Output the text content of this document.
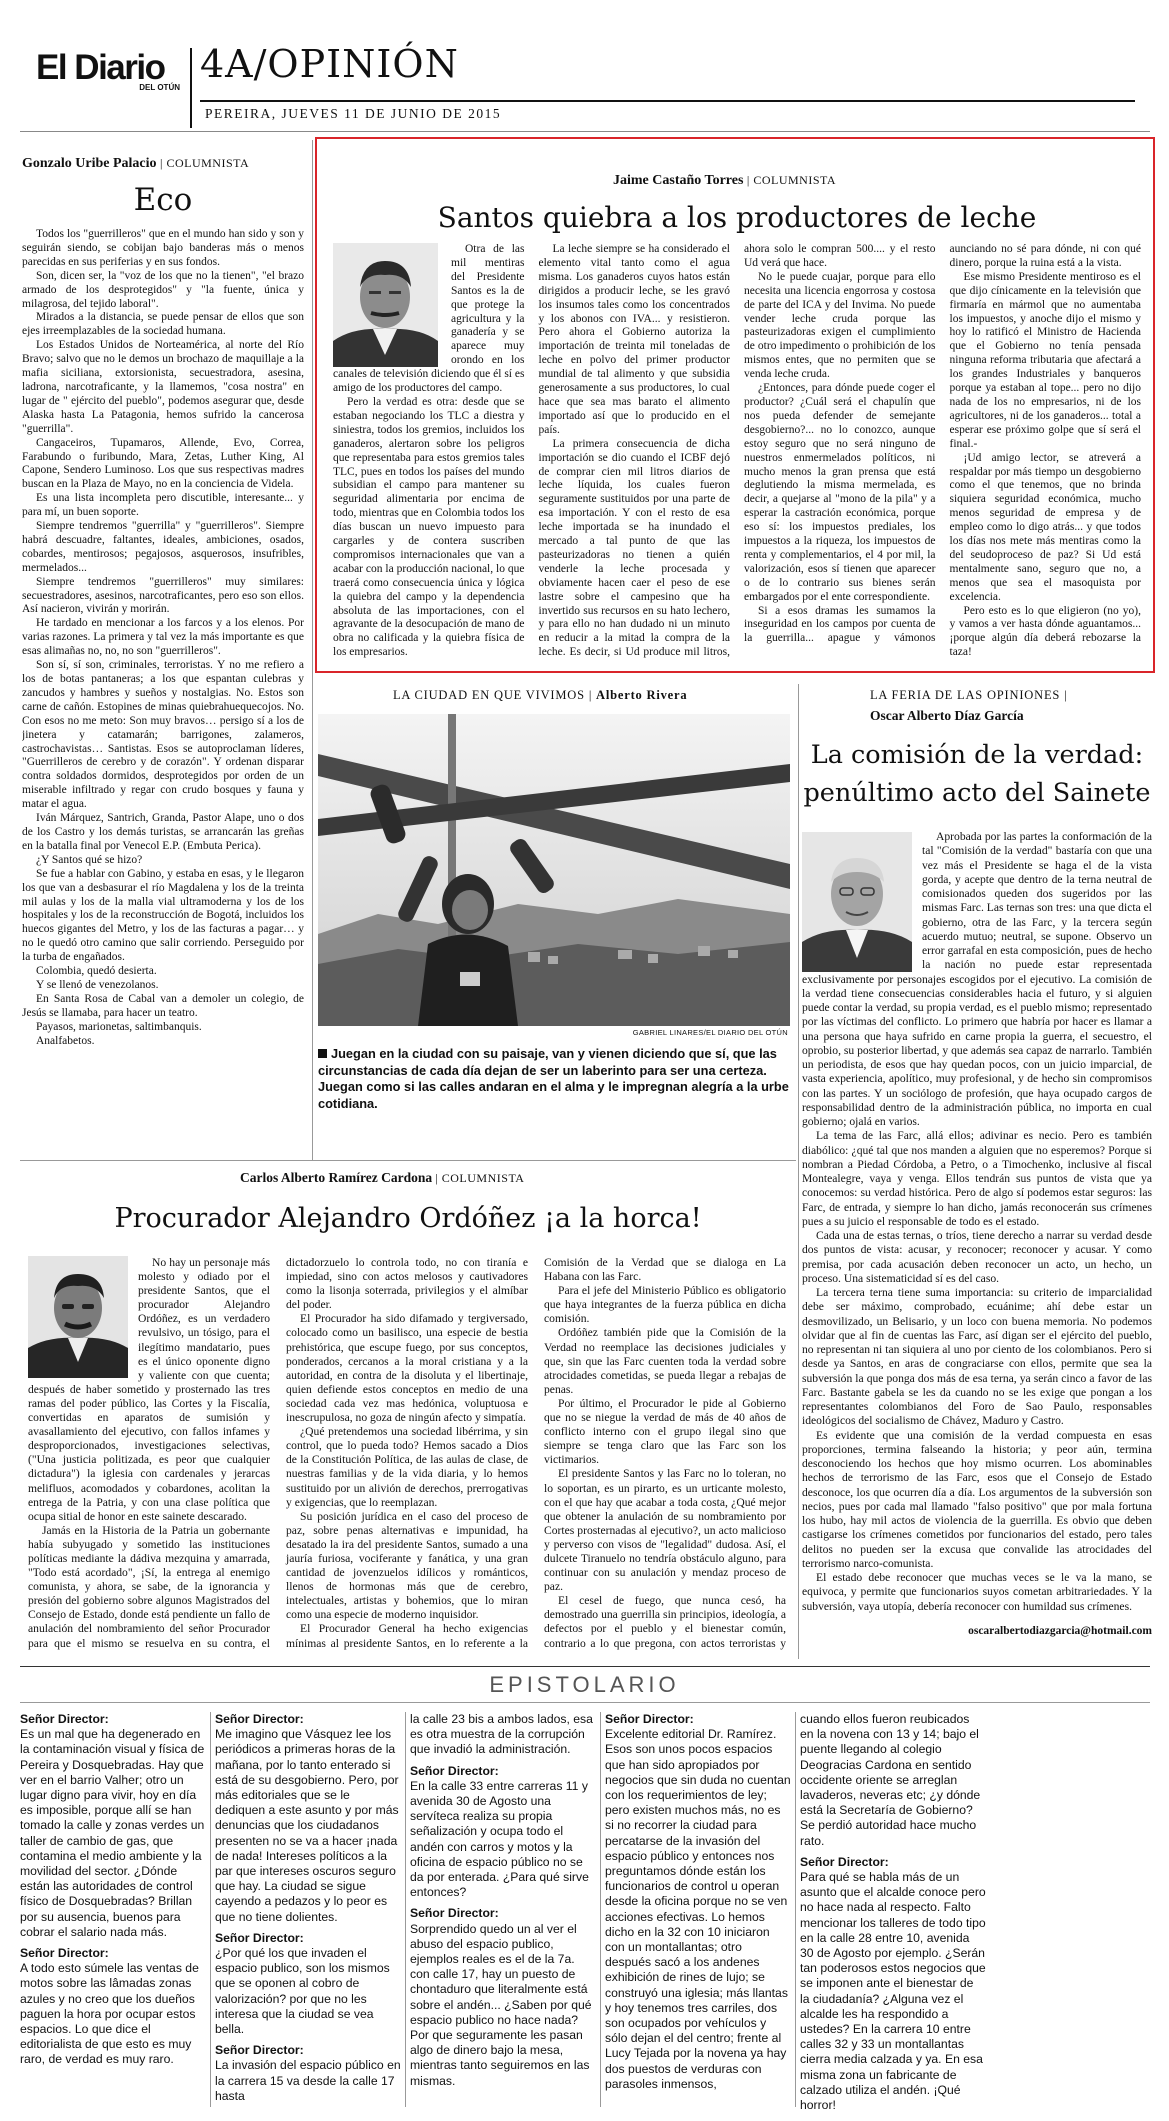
El Diario
DEL OTÚN
4A/OPINIÓN
PEREIRA, JUEVES 11 DE JUNIO DE 2015
Gonzalo Uribe Palacio | COLUMNISTA
Eco

Todos los "guerrilleros" que en el mundo han sido y son y seguirán siendo, se cobijan bajo banderas más o menos parecidas en sus periferias y en sus fondos.

Son, dicen ser, la "voz de los que no la tienen", "el brazo armado de los desprotegidos" y "la fuente, única y milagrosa, del tejido laboral".

Mirados a la distancia, se puede pensar de ellos que son ejes irreemplazables de la sociedad humana.

Los Estados Unidos de Norteamérica, al norte del Río Bravo; salvo que no le demos un brochazo de maquillaje a la mafia siciliana, extorsionista, secuestradora, asesina, ladrona, narcotraficante, y la llamemos, "cosa nostra" en lugar de " ejército del pueblo", podemos asegurar que, desde Alaska hasta La Patagonia, hemos sufrido la cancerosa "guerrilla".

Cangaceiros, Tupamaros, Allende, Evo, Correa, Farabundo o furibundo, Mara, Zetas, Luther King, Al Capone, Sendero Luminoso. Los que sus respectivas madres buscan en la Plaza de Mayo, no en la conciencia de Videla.

Es una lista incompleta pero discutible, interesante... y para mí, un buen soporte.

Siempre tendremos "guerrilla" y "guerrilleros". Siempre habrá descuadre, faltantes, ideales, ambiciones, osados, cobardes, mentirosos; pegajosos, asquerosos, insufribles, mermelados...

Siempre tendremos "guerrilleros" muy similares: secuestradores, asesinos, narcotraficantes, pero eso son ellos. Así nacieron, vivirán y morirán.

He tardado en mencionar a los farcos y a los elenos. Por varias razones. La primera y tal vez la más importante es que esas alimañas no, no, no son "guerrilleros".

Son sí, sí son, criminales, terroristas. Y no me refiero a los de botas pantaneras; a los que espantan culebras y zancudos y hambres y sueños y nostalgias. No. Estos son carne de cañón. Estopines de minas quiebrahuequecojos. No. Con esos no me meto: Son muy bravos… persigo sí a los de jinetera y catamarán; barrigones, zalameros, castrochavistas… Santistas. Esos se autoproclaman líderes, "Guerrilleros de cerebro y de corazón". Y ordenan disparar contra soldados dormidos, desprotegidos por orden de un miserable infiltrado y regar con crudo bosques y fauna y matar el agua.

Iván Márquez, Santrich, Granda, Pastor Alape, uno o dos de los Castro y los demás turistas, se arrancarán las greñas en la batalla final por Venecol E.P. (Embuta Perica).

¿Y Santos qué se hizo?

Se fue a hablar con Gabino, y estaba en esas, y le llegaron los que van a desbasurar el río Magdalena y los de la treinta mil aulas y los de la malla vial ultramoderna y los de los hospitales y los de la reconstrucción de Bogotá, incluidos los huecos gigantes del Metro, y los de las facturas a pagar… y no le quedó otro camino que salir corriendo. Perseguido por la turba de engañados.

Colombia, quedó desierta.

Y se llenó de venezolanos.

En Santa Rosa de Cabal van a demoler un colegio, de Jesús se llamaba, para hacer un teatro.

Payasos, marionetas, saltimbanquis.

Analfabetos.

Jaime Castaño Torres | COLUMNISTA
Santos quiebra a los productores de leche

Otra de las mil mentiras del Presidente Santos es la de que protege la agricultura y la ganadería y se aparece muy orondo en los canales de televisión diciendo que él sí es amigo de los productores del campo.

Pero la verdad es otra: desde que se estaban negociando los TLC a diestra y siniestra, todos los gremios, incluidos los ganaderos, alertaron sobre los peligros que representaba para estos gremios tales TLC, pues en todos los países del mundo subsidian el campo para mantener su seguridad alimentaria por encima de todo, mientras que en Colombia todos los días buscan un nuevo impuesto para cargarles y de contera suscriben compromisos internacionales que van a acabar con la producción nacional, lo que traerá como consecuencia única y lógica la quiebra del campo y la dependencia absoluta de las importaciones, con el agravante de la desocupación de mano de obra no calificada y la quiebra física de los empresarios.

La leche siempre se ha considerado el elemento vital tanto como el agua misma. Los ganaderos cuyos hatos están dirigidos a producir leche, se les gravó los insumos tales como los concentrados y los abonos con IVA... y resistieron. Pero ahora el Gobierno autoriza la importación de treinta mil toneladas de leche en polvo del primer productor mundial de tal alimento y que subsidia generosamente a sus productores, lo cual hace que sea mas barato el alimento importado así que lo producido en el país.

La primera consecuencia de dicha importación se dio cuando el ICBF dejó de comprar cien mil litros diarios de leche líquida, los cuales fueron seguramente sustituidos por una parte de esa importación. Y con el resto de esa leche importada se ha inundado el mercado a tal punto de que las pasteurizadoras no tienen a quién venderle la leche procesada y obviamente hacen caer el peso de ese lastre sobre el campesino que ha invertido sus recursos en su hato lechero, y para ello no han dudado ni un minuto en reducir a la mitad la compra de la leche. Es decir, si Ud produce mil litros, ahora solo le compran 500.... y el resto Ud verá que hace.

No le puede cuajar, porque para ello necesita una licencia engorrosa y costosa de parte del ICA y del Invima. No puede vender leche cruda porque las pasteurizadoras exigen el cumplimiento de otro impedimento o prohibición de los mismos entes, que no permiten que se venda leche cruda.

¿Entonces, para dónde puede coger el productor? ¿Cuál será el chapulín que nos pueda defender de semejante desgobierno?... no lo conozco, aunque estoy seguro que no será ninguno de nuestros enmermelados políticos, ni mucho menos la gran prensa que está deglutiendo la misma mermelada, es decir, a quejarse al "mono de la pila" y a esperar la castración económica, porque eso sí: los impuestos prediales, los impuestos a la riqueza, los impuestos de renta y complementarios, el 4 por mil, la valorización, esos sí tienen que aparecer o de lo contrario sus bienes serán embargados por el ente correspondiente.

Si a esos dramas les sumamos la inseguridad en los campos por cuenta de la guerrilla... apague y vámonos aunciando no sé para dónde, ni con qué dinero, porque la ruina está a la vista.

Ese mismo Presidente mentiroso es el que dijo cínicamente en la televisión que firmaría en mármol que no aumentaba los impuestos, y anoche dijo el mismo y hoy lo ratificó el Ministro de Hacienda que el Gobierno no tenía pensada ninguna reforma tributaria que afectará a los grandes Industriales y banqueros porque ya estaban al tope... pero no dijo nada de los no empresarios, ni de los agricultores, ni de los ganaderos... total a esperar ese próximo golpe que sí será el final.-

¡Ud amigo lector, se atreverá a respaldar por más tiempo un desgobierno como el que tenemos, que no brinda siquiera seguridad económica, mucho menos seguridad de empresa y de empleo como lo digo atrás... y que todos los días nos mete más mentiras como la del seudoproceso de paz? Si Ud está mentalmente sano, seguro que no, a menos que sea el masoquista por excelencia.

Pero esto es lo que eligieron (no yo), y vamos a ver hasta dónde aguantamos... ¡porque algún día deberá rebozarse la taza!

LA CIUDAD EN QUE VIVIMOS | Alberto Rivera
GABRIEL LINARES/EL DIARIO DEL OTÚN
Juegan en la ciudad con su paisaje, van y vienen diciendo que sí, que las circunstancias de cada día dejan de ser un laberinto para ser una certeza. Juegan como si las calles andaran en el alma y le impregnan alegría a la urbe cotidiana.
LA FERIA DE LAS OPINIONES |
Oscar Alberto Díaz García
La comisión de la verdad:
penúltimo acto del Sainete

Aprobada por las partes la conformación de la tal "Comisión de la verdad" bastaría con que una vez más el Presidente se haga el de la vista gorda, y acepte que dentro de la terna neutral de comisionados queden dos sugeridos por las mismas Farc. Las ternas son tres: una que dicta el gobierno, otra de las Farc, y la tercera según acuerdo mutuo; neutral, se supone. Observo un error garrafal en esta composición, pues de hecho la nación no puede estar representada exclusivamente por personajes escogidos por el ejecutivo. La comisión de la verdad tiene consecuencias considerables hacia el futuro, y si alguien puede contar la verdad, su propia verdad, es el pueblo mismo; representado por las víctimas del conflicto. Lo primero que habría por hacer es llamar a una persona que haya sufrido en carne propia la guerra, el secuestro, el oprobio, su posterior libertad, y que además sea capaz de narrarlo. También un periodista, de esos que hay quedan pocos, con un juicio imparcial, de vasta experiencia, apolítico, muy profesional, y de hecho sin compromisos con las partes. Y un sociólogo de profesión, que haya ocupado cargos de responsabilidad dentro de la administración pública, no importa en cual gobierno; ojalá en varios.

La tema de las Farc, allá ellos; adivinar es necio. Pero es también diabólico: ¿qué tal que nos manden a alguien que no esperemos? Porque si nombran a Piedad Córdoba, a Petro, o a Timochenko, inclusive al fiscal Montealegre, vaya y venga. Ellos tendrán sus puntos de vista que ya conocemos: su verdad histórica. Pero de algo sí podemos estar seguros: las Farc, de entrada, y siempre lo han dicho, jamás reconocerán sus crímenes pues a su juicio el responsable de todo es el estado.

Cada una de estas ternas, o tríos, tiene derecho a narrar su verdad desde dos puntos de vista: acusar, y reconocer; reconocer y acusar. Y como premisa, por cada acusación deben reconocer un acto, un hecho, un proceso. Una sistematicidad sí es del caso.

La tercera terna tiene suma importancia: su criterio de imparcialidad debe ser máximo, comprobado, ecuánime; ahí debe estar un desmovilizado, un Belisario, y un loco con buena memoria. No podemos olvidar que al fin de cuentas las Farc, así digan ser el ejército del pueblo, no representan ni tan siquiera al uno por ciento de los colombianos. Pero si desde ya Santos, en aras de congraciarse con ellos, permite que sea la subversión la que ponga dos más de esa terna, ya serán cinco a favor de las Farc. Bastante gabela se les da cuando no se les exige que pongan a los representantes colombianos del Foro de Sao Paulo, responsables ideológicos del socialismo de Chávez, Maduro y Castro.

Es evidente que una comisión de la verdad compuesta en esas proporciones, termina falseando la historia; y peor aún, termina desconociendo los hechos que hoy mismo ocurren. Los abominables hechos de terrorismo de las Farc, esos que el Consejo de Estado desconoce, los que ocurren día a día. Los argumentos de la subversión son necios, pues por cada mal llamado "falso positivo" que por mala fortuna los hubo, hay mil actos de violencia de la guerrilla. Es obvio que deben castigarse los crímenes cometidos por funcionarios del estado, pero tales delitos no pueden ser la excusa que convalide las atrocidades del terrorismo narco-comunista.

El estado debe reconocer que muchas veces se le va la mano, se equivoca, y permite que funcionarios suyos cometan arbitrariedades. Y la subversión, vaya utopía, debería reconocer con humildad sus crímenes.

oscaralbertodiazgarcia@hotmail.com
Carlos Alberto Ramírez Cardona | COLUMNISTA
Procurador Alejandro Ordóñez ¡a la horca!

No hay un personaje más molesto y odiado por el presidente Santos, que el procurador Alejandro Ordóñez, es un verdadero revulsivo, un tósigo, para el ilegítimo mandatario, pues es el único oponente digno y valiente con que cuenta; después de haber sometido y prosternado las tres ramas del poder público, las Cortes y la Fiscalía, convertidas en aparatos de sumisión y avasallamiento del ejecutivo, con fallos infames y desproporcionados, investigaciones selectivas, ("Una justicia politizada, es peor que cualquier dictadura") la iglesia con cardenales y jerarcas melifluos, acomodados y cobardones, acolitan la entrega de la Patria, y con una clase política que ocupa sitial de honor en este sainete descarado.

Jamás en la Historia de la Patria un gobernante había subyugado y sometido las instituciones políticas mediante la dádiva mezquina y amarrada, "Todo está acordado", ¡Sí, la entrega al enemigo comunista, y ahora, se sabe, de la ignorancia y presión del gobierno sobre algunos Magistrados del Consejo de Estado, donde está pendiente un fallo de anulación del nombramiento del señor Procurador para que el mismo se resuelva en su contra, el dictadorzuelo lo controla todo, no con tiranía e impiedad, sino con actos melosos y cautivadores como la lisonja soterrada, privilegios y el almíbar del poder.

El Procurador ha sido difamado y tergiversado, colocado como un basilisco, una especie de bestia prehistórica, que escupe fuego, por sus conceptos, ponderados, cercanos a la moral cristiana y a la autoridad, en contra de la disoluta y el libertinaje, quien defiende estos conceptos en medio de una sociedad cada vez mas hedónica, voluptuosa e inescrupulosa, no goza de ningún afecto y simpatía.

¿Qué pretendemos una sociedad libérrima, y sin control, que lo pueda todo? Hemos sacado a Dios de la Constitución Política, de las aulas de clase, de nuestras familias y de la vida diaria, y lo hemos sustituido por un alivión de derechos, prerrogativas y exigencias, que lo reemplazan.

Su posición jurídica en el caso del proceso de paz, sobre penas alternativas e impunidad, ha desatado la ira del presidente Santos, sumado a una jauría furiosa, vociferante y fanática, y una gran cantidad de jovenzuelos idílicos y románticos, llenos de hormonas más que de cerebro, intelectuales, artistas y bohemios, que lo miran como una especie de moderno inquisidor.

El Procurador General ha hecho exigencias mínimas al presidente Santos, en lo referente a la Comisión de la Verdad que se dialoga en La Habana con las Farc.

Para el jefe del Ministerio Público es obligatorio que haya integrantes de la fuerza pública en dicha comisión.

Ordóñez también pide que la Comisión de la Verdad no reemplace las decisiones judiciales y que, sin que las Farc cuenten toda la verdad sobre atrocidades cometidas, se pueda llegar a rebajas de penas.

Por último, el Procurador le pide al Gobierno que no se niegue la verdad de más de 40 años de conflicto interno con el grupo ilegal sino que siempre se tenga claro que las Farc son los victimarios.

El presidente Santos y las Farc no lo toleran, no lo soportan, es un pirarto, es un urticante molesto, con el que hay que acabar a toda costa, ¿Qué mejor que obtener la anulación de su nombramiento por Cortes prosternadas al ejecutivo?, un acto malicioso y perverso con visos de "legalidad" dudosa. Así, el dulcete Tiranuelo no tendría obstáculo alguno, para continuar con su anulación y mendaz proceso de paz.

El cesel de fuego, que nunca cesó, ha demostrado una guerrilla sin principios, ideología, a defectos por el pueblo y el bienestar común, contrario a lo que pregona, con actos terroristas y

EPISTOLARIO
Señor Director:
Es un mal que ha degenerado en la contaminación visual y física de Pereira y Dosquebradas. Hay que ver en el barrio Valher; otro un lugar digno para vivir, hoy en día es imposible, porque allí se han tomado la calle y zonas verdes un taller de cambio de gas, que contamina el medio ambiente y la movilidad del sector. ¿Dónde están las autoridades de control físico de Dosquebradas? Brillan por su ausencia, buenos para cobrar el salario nada más.
Señor Director:
A todo esto súmele las ventas de motos sobre las lâmadas zonas azules y no creo que los dueños paguen la hora por ocupar estos espacios. Lo que dice el editorialista de que esto es muy raro, de verdad es muy raro.
Señor Director:
Me imagino que Vásquez lee los periódicos a primeras horas de la mañana, por lo tanto enterado si está de su desgobierno. Pero, por más editoriales que se le dediquen a este asunto y por más denuncias que los ciudadanos presenten no se va a hacer ¡nada de nada! Intereses políticos a la par que intereses oscuros seguro que hay. La ciudad se sigue cayendo a pedazos y lo peor es que no tiene dolientes.
Señor Director:
¿Por qué los que invaden el espacio publico, son los mismos que se oponen al cobro de valorización? por que no les interesa que la ciudad se vea bella.
Señor Director:
La invasión del espacio público en la carrera 15 va desde la calle 17 hasta
la calle 23 bis a ambos lados, esa es otra muestra de la corrupción que invadió la administración.
Señor Director:
En la calle 33 entre carreras 11 y avenida 30 de Agosto una servíteca realiza su propia señalización y ocupa todo el andén con carros y motos y la oficina de espacio público no se da por enterada. ¿Para qué sirve entonces?
Señor Director:
Sorprendido quedo un al ver el abuso del espacio publico, ejemplos reales es el de la 7a. con calle 17, hay un puesto de chontaduro que literalmente está sobre el andén... ¿Saben por qué espacio publico no hace nada? Por que seguramente les pasan algo de dinero bajo la mesa, mientras tanto seguiremos en las mismas.
Señor Director:
Excelente editorial Dr. Ramírez. Esos son unos pocos espacios que han sido apropiados por negocios que sin duda no cuentan con los requerimientos de ley; pero existen muchos más, no es si no recorrer la ciudad para percatarse de la invasión del espacio público y entonces nos preguntamos dónde están los funcionarios de control u operan desde la oficina porque no se ven acciones efectivas. Lo hemos dicho en la 32 con 10 iniciaron con un montallantas; otro después sacó a los andenes exhibición de rines de lujo; se construyó una iglesia; más llantas y hoy tenemos tres carriles, dos son ocupados por vehículos y sólo dejan el del centro; frente al Lucy Tejada por la novena ya hay dos puestos de verduras con parasoles inmensos,
cuando ellos fueron reubicados en la novena con 13 y 14; bajo el puente llegando al colegio Deogracias Cardona en sentido occidente oriente se arreglan lavaderos, neveras etc; ¿y dónde está la Secretaría de Gobierno? Se perdió autoridad hace mucho rato.
Señor Director:
Para qué se habla más de un asunto que el alcalde conoce pero no hace nada al respecto. Falto mencionar los talleres de todo tipo en la calle 28 entre 10, avenida 30 de Agosto por ejemplo. ¿Serán tan poderosos estos negocios que se imponen ante el bienestar de la ciudadanía? ¿Alguna vez el alcalde les ha respondido a ustedes? En la carrera 10 entre calles 32 y 33 un montallantas cierra media calzada y ya. En esa misma zona un fabricante de calzado utiliza el andén. ¡Qué horror!
